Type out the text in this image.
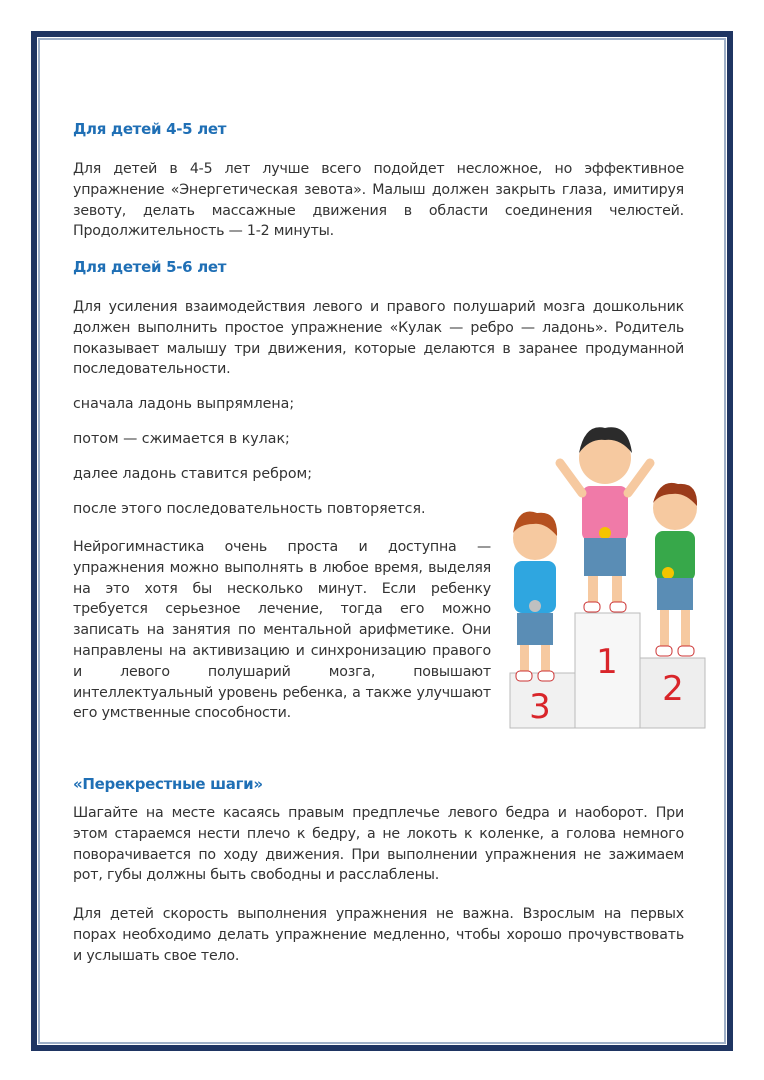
Для детей 4-5 лет
Для детей в 4-5 лет лучше всего подойдет несложное, но эффективное упражнение «Энергетическая зевота». Малыш должен закрыть глаза, имитируя зевоту, делать массажные движения в области соединения челюстей. Продолжительность — 1-2 минуты.
Для детей 5-6 лет
Для усиления взаимодействия левого и правого полушарий мозга дошкольник должен выполнить простое упражнение «Кулак — ребро — ладонь». Родитель показывает малышу три движения, которые делаются в заранее продуманной последовательности.
сначала ладонь выпрямлена;
потом — сжимается в кулак;
далее ладонь ставится ребром;
после этого последовательность повторяется.
Нейрогимнастика очень проста и доступна — упражнения можно выполнять в любое время, выделяя на это хотя бы несколько минут. Если ребенку требуется серьезное лечение, тогда его можно записать на занятия по ментальной арифметике. Они направлены на активизацию и синхронизацию правого и левого полушарий мозга, повышают интеллектуальный уровень ребенка, а также улучшают его умственные способности.
1
2
3
«Перекрестные шаги»
Шагайте на месте касаясь правым предплечье левого бедра и наоборот. При этом стараемся нести плечо к бедру, а не локоть к коленке, а голова немного поворачивается по ходу движения. При выполнении упражнения не зажимаем рот, губы должны быть свободны и расслаблены.
Для детей скорость выполнения упражнения не важна. Взрослым на первых порах необходимо делать упражнение медленно, чтобы хорошо прочувствовать и услышать свое тело.
